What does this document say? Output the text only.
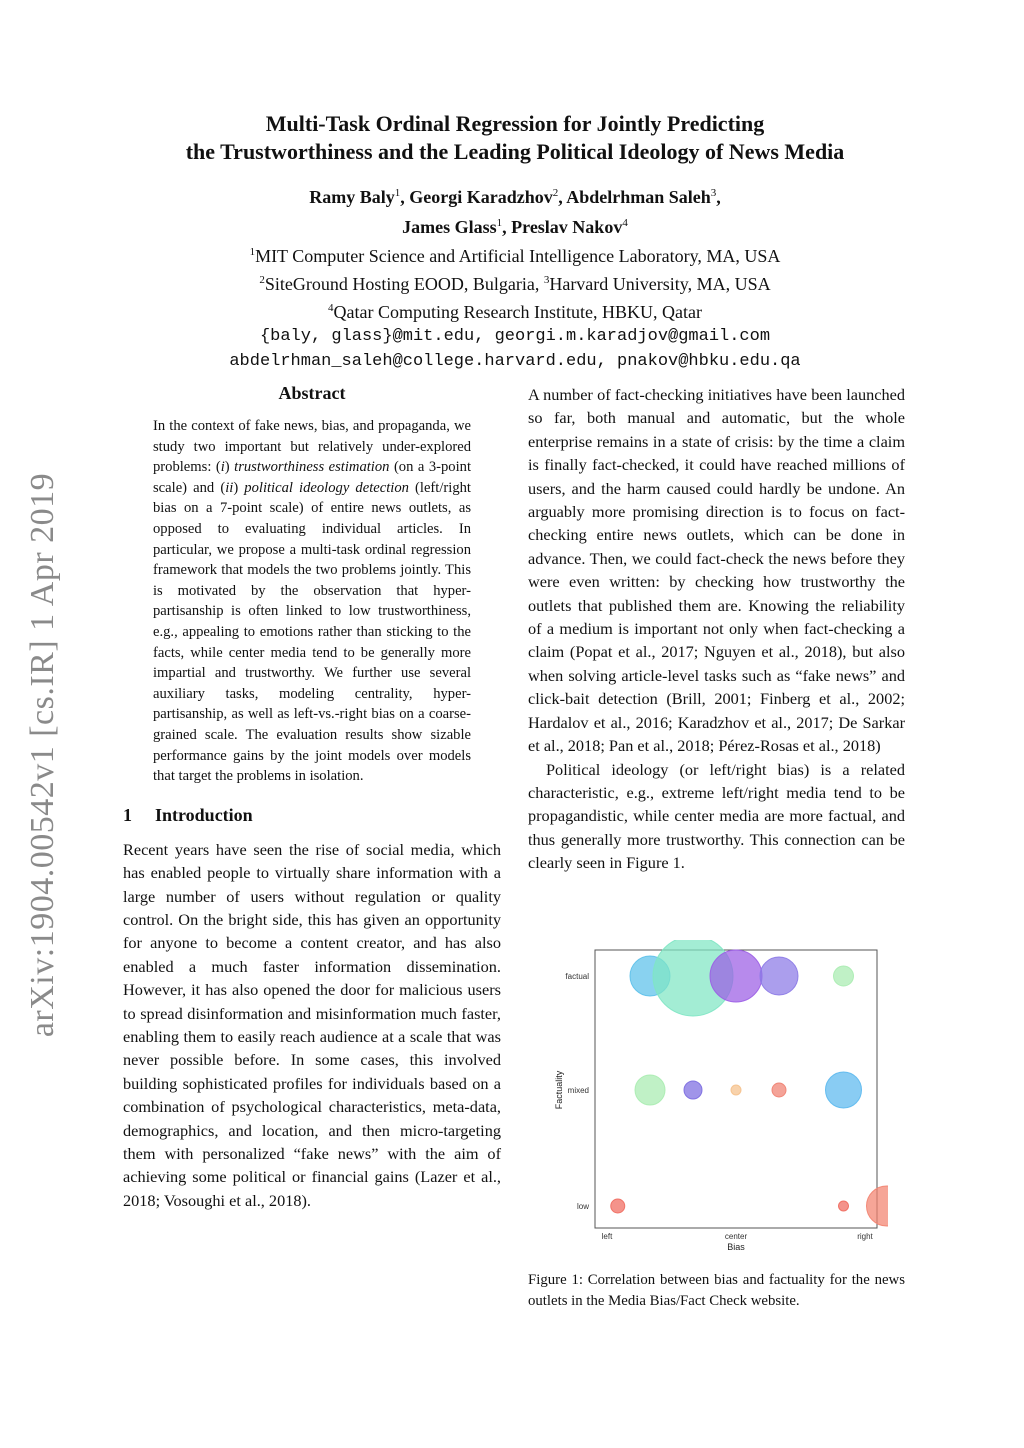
arXiv:1904.00542v1 [cs.IR] 1 Apr 2019
Multi-Task Ordinal Regression for Jointly Predicting
the Trustworthiness and the Leading Political Ideology of News Media
Ramy Baly$^1$, Georgi Karadzhov$^2$, Abdelrhman Saleh$^3$,
James Glass$^1$, Preslav Nakov$^4$
$^1$MIT Computer Science and Artificial Intelligence Laboratory, MA, USA
$^2$SiteGround Hosting EOOD, Bulgaria, $^3$Harvard University, MA, USA
$^4$Qatar Computing Research Institute, HBKU, Qatar
{baly, glass}@mit.edu, georgi.m.karadjov@gmail.com
abdelrhman_saleh@college.harvard.edu, pnakov@hbku.edu.qa
Abstract

In the context of fake news, bias, and propaganda, we study two important but relatively under-explored problems: (i) trustworthiness estimation (on a 3-point scale) and (ii) political ideology detection (left/right bias on a 7-point scale) of entire news outlets, as opposed to evaluating individual articles. In particular, we propose a multi-task ordinal regression framework that models the two problems jointly. This is motivated by the observation that hyper-partisanship is often linked to low trustworthiness, e.g., appealing to emotions rather than sticking to the facts, while center media tend to be generally more impartial and trustworthy. We further use several auxiliary tasks, modeling centrality, hyper-partisanship, as well as left-vs.-right bias on a coarse-grained scale. The evaluation results show sizable performance gains by the joint models over models that target the problems in isolation.

1 Introduction

Recent years have seen the rise of social media, which has enabled people to virtually share information with a large number of users without regulation or quality control. On the bright side, this has given an opportunity for anyone to become a content creator, and has also enabled a much faster information dissemination. However, it has also opened the door for malicious users to spread disinformation and misinformation much faster, enabling them to easily reach audience at a scale that was never possible before. In some cases, this involved building sophisticated profiles for individuals based on a combination of psychological characteristics, meta-data, demographics, and location, and then micro-targeting them with personalized “fake news” with the aim of achieving some political or financial gains (Lazer et al., 2018; Vosoughi et al., 2018).

A number of fact-checking initiatives have been launched so far, both manual and automatic, but the whole enterprise remains in a state of crisis: by the time a claim is finally fact-checked, it could have reached millions of users, and the harm caused could hardly be undone. An arguably more promising direction is to focus on fact-checking entire news outlets, which can be done in advance. Then, we could fact-check the news before they were even written: by checking how trustworthy the outlets that published them are. Knowing the reliability of a medium is important not only when fact-checking a claim (Popat et al., 2017; Nguyen et al., 2018), but also when solving article-level tasks such as “fake news” and click-bait detection (Brill, 2001; Finberg et al., 2002; Hardalov et al., 2016; Karadzhov et al., 2017; De Sarkar et al., 2018; Pan et al., 2018; Pérez-Rosas et al., 2018)

Political ideology (or left/right bias) is a related characteristic, e.g., extreme left/right media tend to be propagandistic, while center media are more factual, and thus generally more trustworthy. This connection can be clearly seen in Figure 1.

low
mixed
factual
left	center	right
Bias
Factuality
Figure 1: Correlation between bias and factuality for the news outlets in the Media Bias/Fact Check website.
